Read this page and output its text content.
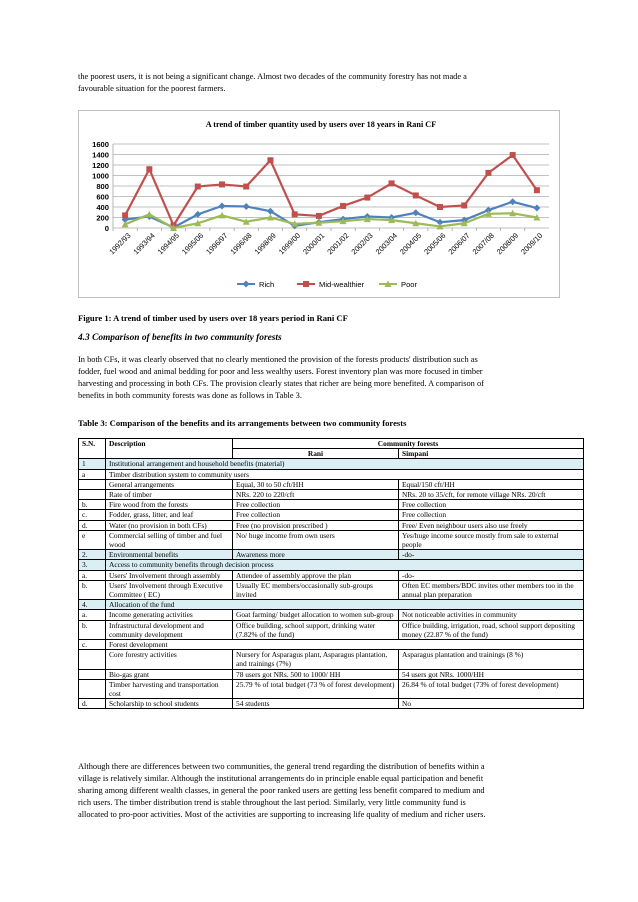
the poorest users, it is not being a significant change. Almost two decades of the community forestry has not made a
favourable situation for the poorest farmers.
A trend of timber quantity used by users over 18 years in Rani CF
0
200
400
600
800
1000
1200
1400
1600
1992/93
1993/94
1994/95
1995/06
1996/97
1996/98
1998/99
1999/00
2000/01
2001/02
2002/03
2003/04
2004/05
2005/06
2006/07
2007/08
2008/09
2009/10
Rich	Mid-wealthier	Poor
Figure 1: A trend of timber used by users over 18 years period in Rani CF
4.3 Comparison of benefits in two community forests
In both CFs, it was clearly observed that no clearly mentioned the provision of the forests products' distribution such as
fodder, fuel wood and animal bedding for poor and less wealthy users. Forest inventory plan was more focused in timber
harvesting and processing in both CFs. The provision clearly states that richer are being more benefited. A comparison of
benefits in both community forests was done as follows in Table 3.
Table 3: Comparison of the benefits and its arrangements between two community forests
S.N.	Description	Community forests	
		Rani	Simpani
1	Institutional arrangement and household benefits (material)		
a	Timber distribution system to community users		
	General arrangements	Equal, 30 to 50 cft/HH	Equal/150 cft/HH
	Rate of timber	NRs. 220 to 220/cft	NRs. 20 to 35/cft, for remote village NRs. 20/cft
b.	Fire wood from the forests	Free collection	Free collection
c.	Fodder, grass, litter, and leaf	Free collection	Free collection
d.	Water (no provision in both CFs)	Free (no provision prescribed )	Free/ Even neighbour users also use freely
e	Commercial selling of timber and fuel wood	No/ huge income from own users	Yes/huge income source mostly from sale to external people
2.	Environmental benefits	Awareness more	-do-
3.	Access to community benefits through decision process		
a.	Users' Involvement through assembly	Attendee of assembly approve the plan	-do-
b.	Users' Involvement through Executive Committee ( EC)	Usually EC members/occasionally sub-groups invited	Often EC members/BDC invites other members too in the annual plan preparation
4.	Allocation of the fund		
a.	Income generating activities	Goat farming/ budget allocation to women sub-group	Not noticeable activities in community
b.	Infrastructural development and community development	Office building, school support, drinking water (7.82% of the fund)	Office building, irrigation, road, school support depositing money (22.87 % of the fund)
c.	Forest development		
	Core forestry activities	Nursery for Asparagus plant, Asparagus plantation, and trainings (7%)	Asparagus plantation and trainings (8 %)
	Bio-gas grant	78 users got NRs. 500 to 1000/ HH	54 users got NRs. 1000/HH
	Timber harvesting and transportation cost	25.79 % of total budget (73 % of forest development)	26.84 % of total budget (73% of forest development)
d.	Scholarship to school students	54 students	No
Although there are differences between two communities, the general trend regarding the distribution of benefits within a
village is relatively similar. Although the institutional arrangements do in principle enable equal participation and benefit
sharing among different wealth classes, in general the poor ranked users are getting less benefit compared to medium and
rich users. The timber distribution trend is stable throughout the last period. Similarly, very little community fund is
allocated to pro-poor activities. Most of the activities are supporting to increasing life quality of medium and richer users.
